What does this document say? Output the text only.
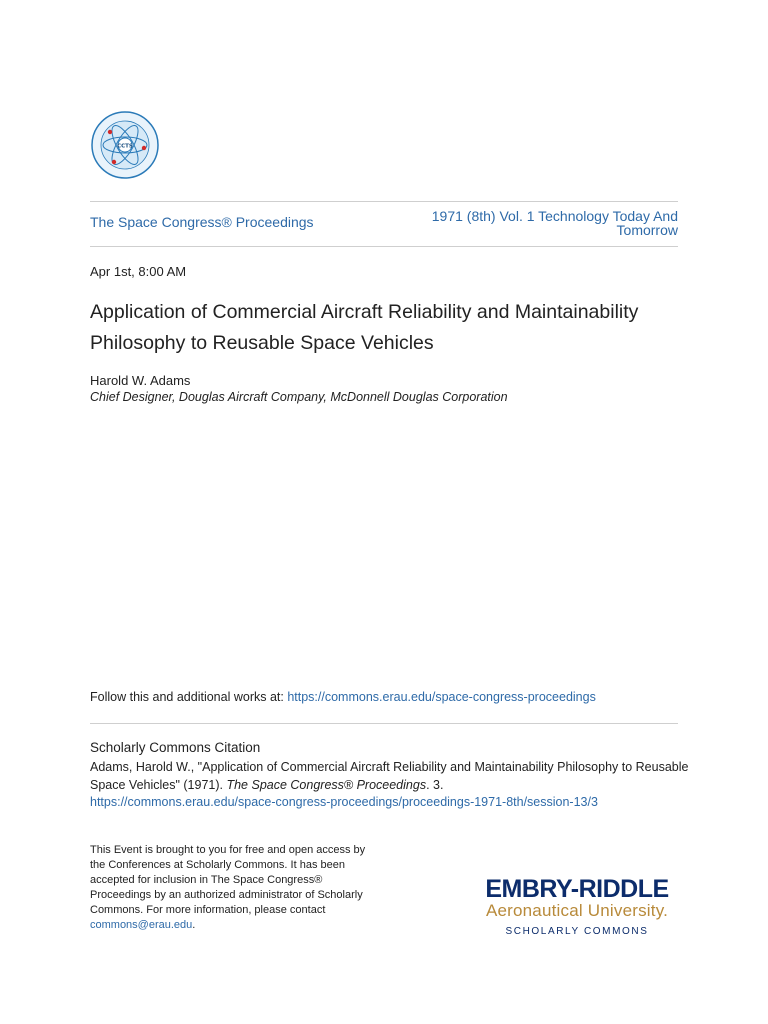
CCTS
The Space Congress® Proceedings	1971 (8th) Vol. 1 Technology Today And Tomorrow
Apr 1st, 8:00 AM
Application of Commercial Aircraft Reliability and Maintainability Philosophy to Reusable Space Vehicles
Harold W. Adams
Chief Designer, Douglas Aircraft Company, McDonnell Douglas Corporation
Follow this and additional works at: https://commons.erau.edu/space-congress-proceedings
Scholarly Commons Citation
Adams, Harold W., "Application of Commercial Aircraft Reliability and Maintainability Philosophy to Reusable Space Vehicles" (1971). The Space Congress® Proceedings. 3.
https://commons.erau.edu/space-congress-proceedings/proceedings-1971-8th/session-13/3
This Event is brought to you for free and open access by the Conferences at Scholarly Commons. It has been accepted for inclusion in The Space Congress® Proceedings by an authorized administrator of Scholarly Commons. For more information, please contact commons@erau.edu.
EMBRY-RIDDLE
Aeronautical University.
SCHOLARLY COMMONS
